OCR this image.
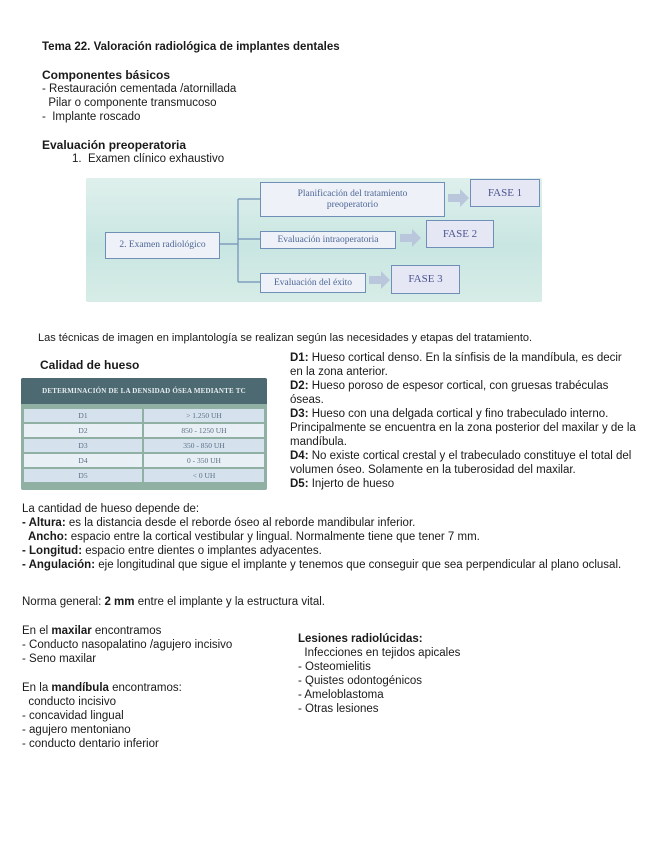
Tema 22. Valoración radiológica de implantes dentales
Componentes básicos
- Restauración cementada /atornillada
Pilar o componente transmucoso
-  Implante roscado
Evaluación preoperatoria
1.  Examen clínico exhaustivo
2. Examen radiológico
Planificación del tratamiento
preoperatorio
Evaluación intraoperatoria
Evaluación del éxito
FASE 1
FASE 2
FASE 3
Las técnicas de imagen en implantología se realizan según las necesidades y etapas del tratamiento.
Calidad de hueso
DETERMINACIÓN DE LA DENSIDAD ÓSEA MEDIANTE TC
D1	> 1.250 UH
D2	850 - 1250 UH
D3	350 - 850 UH
D4	0 - 350 UH
D5	< 0 UH
D1: Hueso cortical denso. En la sínfisis de la mandíbula, es decir en la zona anterior.
D2: Hueso poroso de espesor cortical, con gruesas trabéculas óseas.
D3: Hueso con una delgada cortical y fino trabeculado interno. Principalmente se encuentra en la zona posterior del maxilar y de la mandíbula.
D4: No existe cortical crestal y el trabeculado constituye el total del volumen óseo. Solamente en la tuberosidad del maxilar.
D5: Injerto de hueso
La cantidad de hueso depende de:
- Altura: es la distancia desde el reborde óseo al reborde mandibular inferior.
Ancho: espacio entre la cortical vestibular y lingual. Normalmente tiene que tener 7 mm.
- Longitud: espacio entre dientes o implantes adyacentes.
- Angulación: eje longitudinal que sigue el implante y tenemos que conseguir que sea perpendicular al plano oclusal.
Norma general: 2 mm entre el implante y la estructura vital.
En el maxilar encontramos
- Conducto nasopalatino /agujero incisivo
- Seno maxilar
En la mandíbula encontramos:
conducto incisivo
- concavidad lingual
- agujero mentoniano
- conducto dentario inferior
Lesiones radiolúcidas:
Infecciones en tejidos apicales
- Osteomielitis
- Quistes odontogénicos
- Ameloblastoma
- Otras lesiones
